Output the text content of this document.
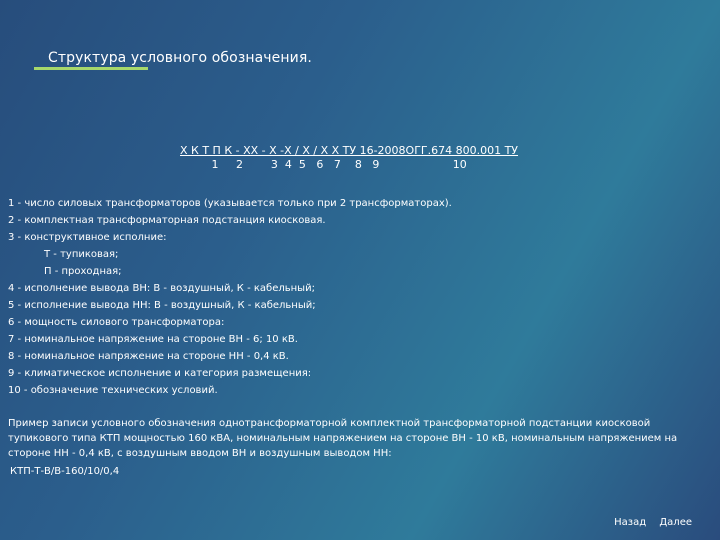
Структура условного обозначения.
Х К Т П К - ХХ - Х -Х / Х / Х Х ТУ 16-2008ОГГ.674 800.001 ТУ
1     2        3  4  5   6   7    8   9                     10
1 - число силовых трансформаторов (указывается только при 2 трансформаторах).
2 - комплектная трансформаторная подстанция киосковая.
3 - конструктивное исполние:
Т - тупиковая;
П - проходная;
4 - исполнение вывода ВН: В - воздушный, К - кабельный;
5 - исполнение вывода НН: В - воздушный, К - кабельный;
6 - мощность силового трансформатора:
7 - номинальное напряжение на стороне ВН - 6; 10 кВ.
8 - номинальное напряжение на стороне НН - 0,4 кВ.
9 - климатическое исполнение и категория размещения:
10 - обозначение технических условий.
Пример записи условного обозначения однотрансформаторной комплектной трансформаторной подстанции киосковой тупикового типа КТП мощностью 160 кВА, номинальным напряжением на стороне ВН - 10 кВ, номинальным напряжением на стороне НН - 0,4 кВ, с воздушным вводом ВН и воздушным выводом НН:
КТП-Т-В/В-160/10/0,4
Назад Далее
